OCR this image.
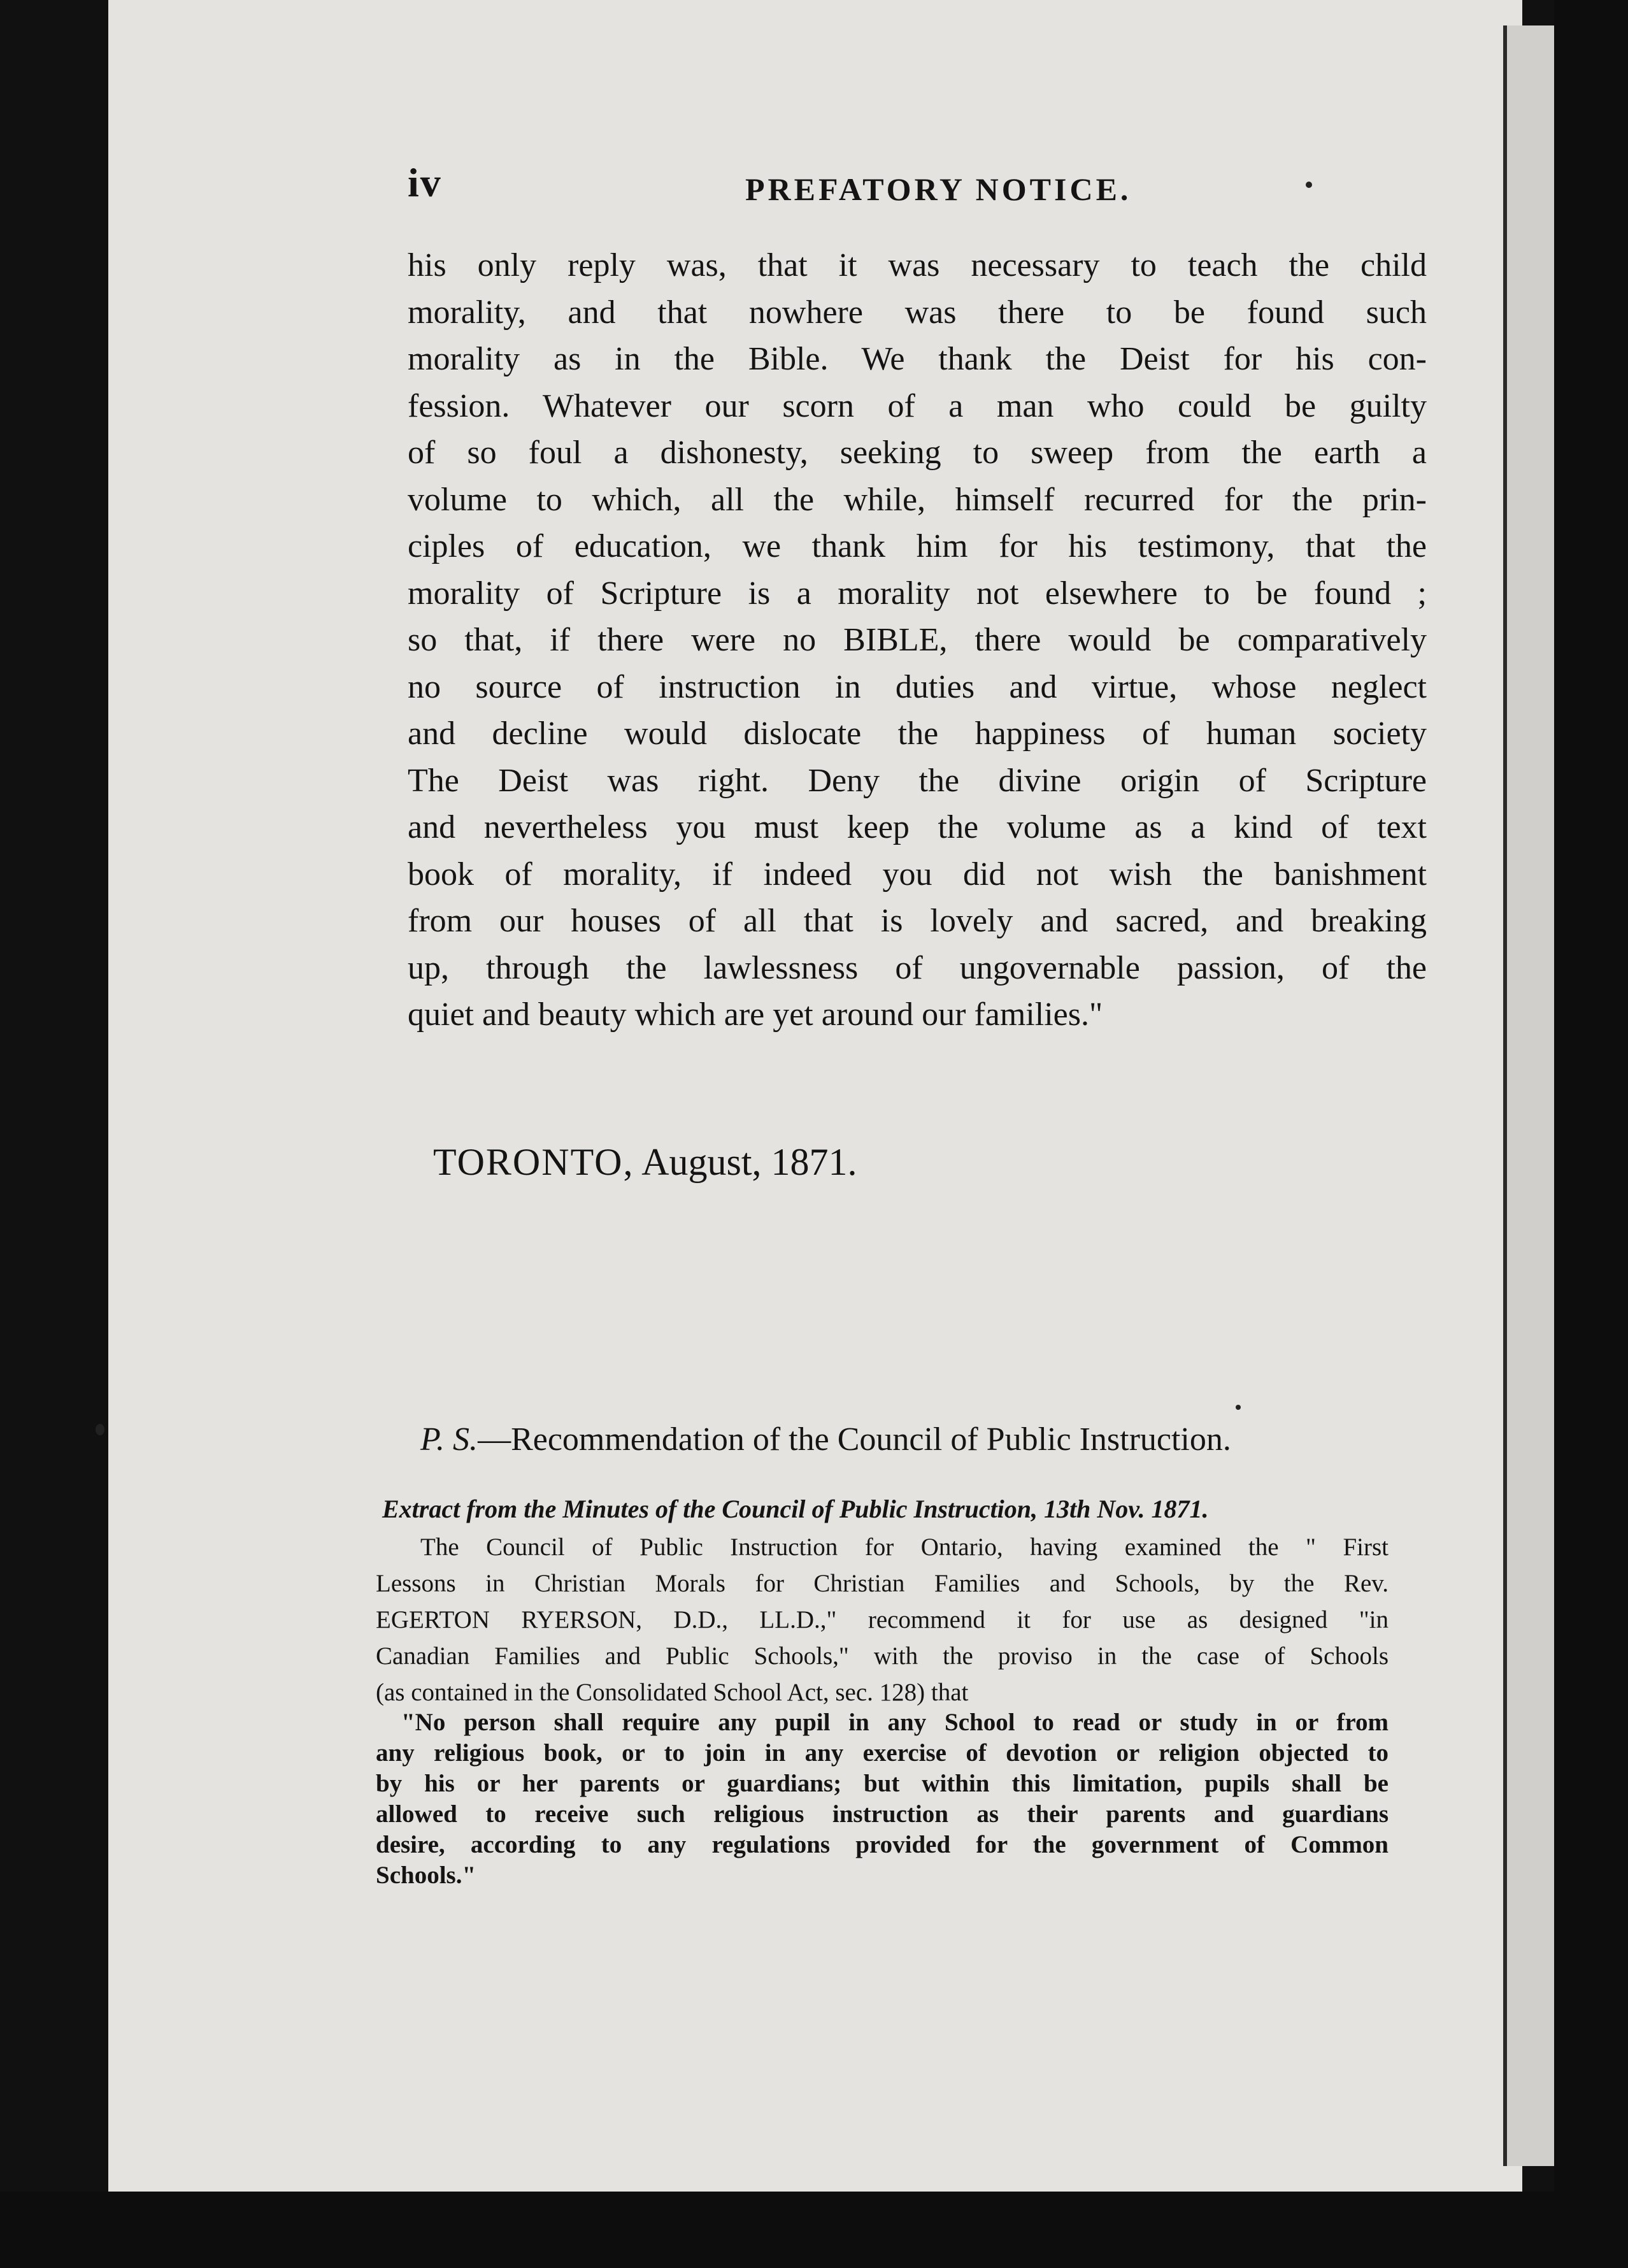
iv	PREFATORY NOTICE.
his only reply was, that it was necessary to teach the child
morality, and that nowhere was there to be found such
morality as in the Bible. We thank the Deist for his con-
fession. Whatever our scorn of a man who could be guilty
of so foul a dishonesty, seeking to sweep from the earth a
volume to which, all the while, himself recurred for the prin-
ciples of education, we thank him for his testimony, that the
morality of Scripture is a morality not elsewhere to be found ;
so that, if there were no BIBLE, there would be comparatively
no source of instruction in duties and virtue, whose neglect
and decline would dislocate the happiness of human society
The Deist was right. Deny the divine origin of Scripture
and nevertheless you must keep the volume as a kind of text
book of morality, if indeed you did not wish the banishment
from our houses of all that is lovely and sacred, and breaking
up, through the lawlessness of ungovernable passion, of the
quiet and beauty which are yet around our families."
TORONTO, August, 1871.
P. S.—Recommendation of the Council of Public Instruction.
Extract from the Minutes of the Council of Public Instruction, 13th Nov. 1871.
The Council of Public Instruction for Ontario, having examined the " First
Lessons in Christian Morals for Christian Families and Schools, by the Rev.
EGERTON RYERSON, D.D., LL.D.," recommend it for use as designed "in
Canadian Families and Public Schools," with the proviso in the case of Schools
(as contained in the Consolidated School Act, sec. 128) that
"No person shall require any pupil in any School to read or study in or from
any religious book, or to join in any exercise of devotion or religion objected to
by his or her parents or guardians; but within this limitation, pupils shall be
allowed to receive such religious instruction as their parents and guardians
desire, according to any regulations provided for the government of Common
Schools."
